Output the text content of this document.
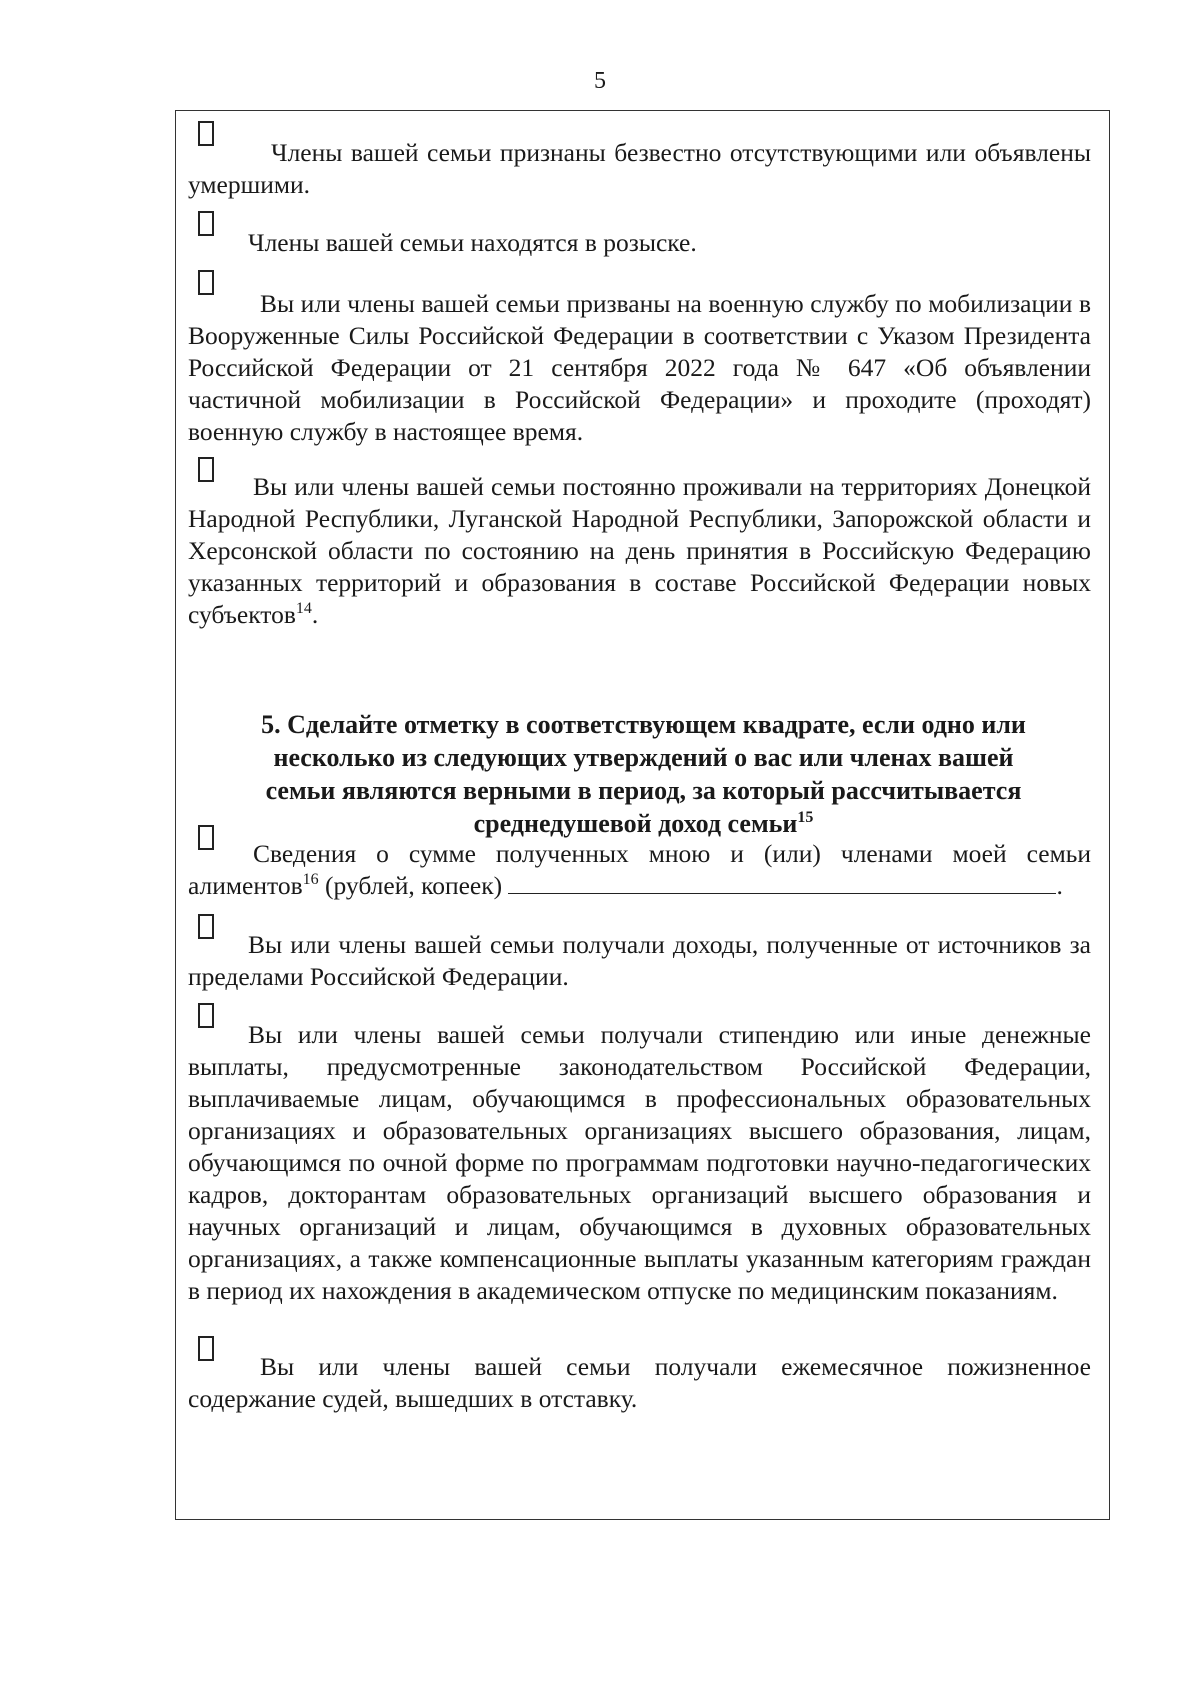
5
Члены вашей семьи признаны безвестно отсутствующими или объявлены умершими.
Члены вашей семьи находятся в розыске.
Вы или члены вашей семьи призваны на военную службу по мобилизации в Вооруженные Силы Российской Федерации в соответствии с Указом Президента Российской Федерации от 21 сентября 2022 года № 647 «Об объявлении частичной мобилизации в Российской Федерации» и проходите (проходят) военную службу в настоящее время.
Вы или члены вашей семьи постоянно проживали на территориях Донецкой Народной Республики, Луганской Народной Республики, Запорожской области и Херсонской области по состоянию на день принятия в Российскую Федерацию указанных территорий и образования в составе Российской Федерации новых субъектов$^{14}$.
5. Сделайте отметку в соответствующем квадрате, если одно или несколько из следующих утверждений о вас или членах вашей семьи являются верными в период, за который рассчитывается среднедушевой доход семьи$^{15}$
Сведения о сумме полученных мною и (или) членами моей семьи алиментов$^{16}$ (рублей, копеек)	.
Вы или члены вашей семьи получали доходы, полученные от источников за пределами Российской Федерации.
Вы или члены вашей семьи получали стипендию или иные денежные выплаты, предусмотренные законодательством Российской Федерации, выплачиваемые лицам, обучающимся в профессиональных образовательных организациях и образовательных организациях высшего образования, лицам, обучающимся по очной форме по программам подготовки научно-педагогических кадров, докторантам образовательных организаций высшего образования и научных организаций и лицам, обучающимся в духовных образовательных организациях, а также компенсационные выплаты указанным категориям граждан в период их нахождения в академическом отпуске по медицинским показаниям.
Вы или члены вашей семьи получали ежемесячное пожизненное содержание судей, вышедших в отставку.
